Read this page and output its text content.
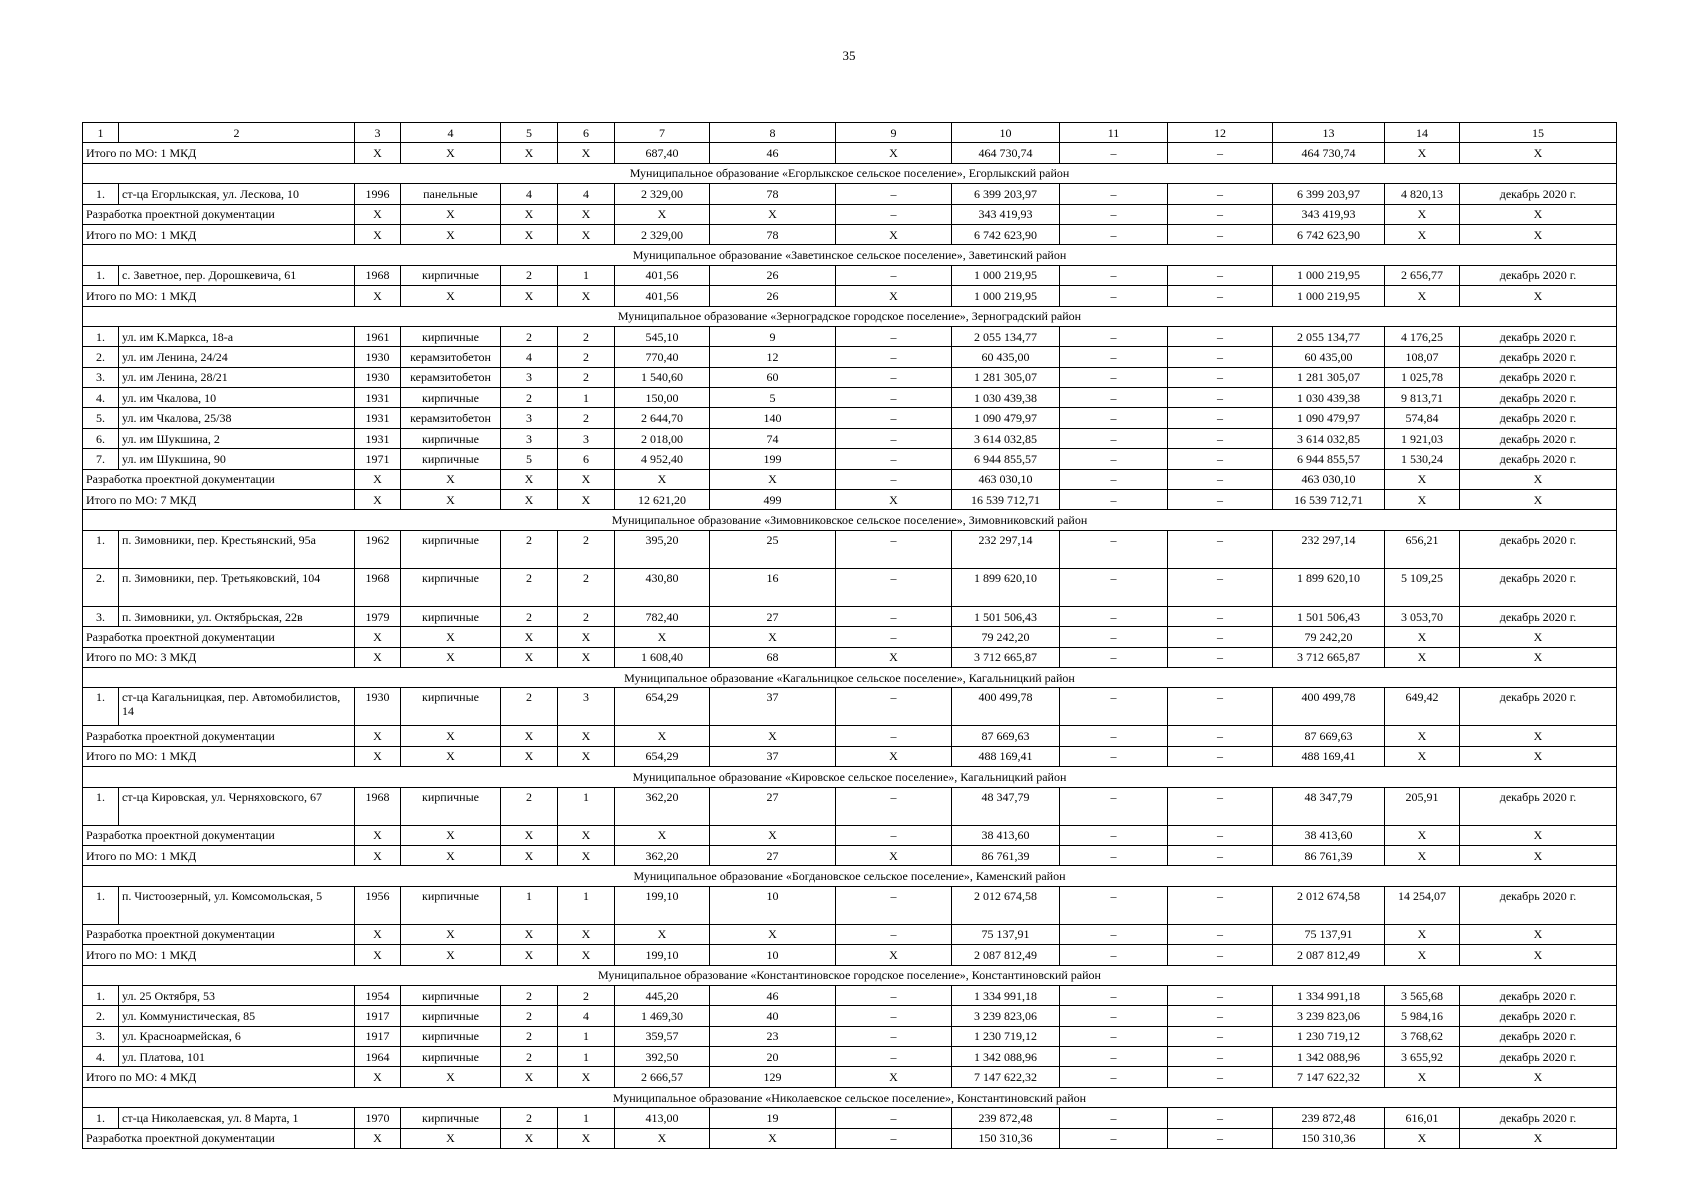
35
1	2	3	4	5	6	7	8	9	10	11	12	13	14	15
Итого по МО: 1 МКД		X	X	X	X	687,40	46	X	464 730,74	–	–	464 730,74	X	X
Муниципальное образование «Егорлыкское сельское поселение», Егорлыкский район														
1.	ст-ца Егорлыкская, ул. Лескова, 10	1996	панельные	4	4	2 329,00	78	–	6 399 203,97	–	–	6 399 203,97	4 820,13	декабрь 2020 г.
Разработка проектной документации		X	X	X	X	X	X	–	343 419,93	–	–	343 419,93	X	X
Итого по МО: 1 МКД		X	X	X	X	2 329,00	78	X	6 742 623,90	–	–	6 742 623,90	X	X
Муниципальное образование «Заветинское сельское поселение», Заветинский район														
1.	с. Заветное, пер. Дорошкевича, 61	1968	кирпичные	2	1	401,56	26	–	1 000 219,95	–	–	1 000 219,95	2 656,77	декабрь 2020 г.
Итого по МО: 1 МКД		X	X	X	X	401,56	26	X	1 000 219,95	–	–	1 000 219,95	X	X
Муниципальное образование «Зерноградское городское поселение», Зерноградский район														
1.	ул. им К.Маркса, 18-а	1961	кирпичные	2	2	545,10	9	–	2 055 134,77	–	–	2 055 134,77	4 176,25	декабрь 2020 г.
2.	ул. им Ленина, 24/24	1930	керамзитобетон	4	2	770,40	12	–	60 435,00	–	–	60 435,00	108,07	декабрь 2020 г.
3.	ул. им Ленина, 28/21	1930	керамзитобетон	3	2	1 540,60	60	–	1 281 305,07	–	–	1 281 305,07	1 025,78	декабрь 2020 г.
4.	ул. им Чкалова, 10	1931	кирпичные	2	1	150,00	5	–	1 030 439,38	–	–	1 030 439,38	9 813,71	декабрь 2020 г.
5.	ул. им Чкалова, 25/38	1931	керамзитобетон	3	2	2 644,70	140	–	1 090 479,97	–	–	1 090 479,97	574,84	декабрь 2020 г.
6.	ул. им Шукшина, 2	1931	кирпичные	3	3	2 018,00	74	–	3 614 032,85	–	–	3 614 032,85	1 921,03	декабрь 2020 г.
7.	ул. им Шукшина, 90	1971	кирпичные	5	6	4 952,40	199	–	6 944 855,57	–	–	6 944 855,57	1 530,24	декабрь 2020 г.
Разработка проектной документации		X	X	X	X	X	X	–	463 030,10	–	–	463 030,10	X	X
Итого по МО: 7 МКД		X	X	X	X	12 621,20	499	X	16 539 712,71	–	–	16 539 712,71	X	X
Муниципальное образование «Зимовниковское сельское поселение», Зимовниковский район														
1.	п. Зимовники, пер. Крестьянский, 95а	1962	кирпичные	2	2	395,20	25	–	232 297,14	–	–	232 297,14	656,21	декабрь 2020 г.
2.	п. Зимовники, пер. Третьяковский, 104	1968	кирпичные	2	2	430,80	16	–	1 899 620,10	–	–	1 899 620,10	5 109,25	декабрь 2020 г.
3.	п. Зимовники, ул. Октябрьская, 22в	1979	кирпичные	2	2	782,40	27	–	1 501 506,43	–	–	1 501 506,43	3 053,70	декабрь 2020 г.
Разработка проектной документации		X	X	X	X	X	X	–	79 242,20	–	–	79 242,20	X	X
Итого по МО: 3 МКД		X	X	X	X	1 608,40	68	X	3 712 665,87	–	–	3 712 665,87	X	X
Муниципальное образование «Кагальницкое сельское поселение», Кагальницкий район														
1.	ст-ца Кагальницкая, пер. Автомобилистов, 14	1930	кирпичные	2	3	654,29	37	–	400 499,78	–	–	400 499,78	649,42	декабрь 2020 г.
Разработка проектной документации		X	X	X	X	X	X	–	87 669,63	–	–	87 669,63	X	X
Итого по МО: 1 МКД		X	X	X	X	654,29	37	X	488 169,41	–	–	488 169,41	X	X
Муниципальное образование «Кировское сельское поселение», Кагальницкий район														
1.	ст-ца Кировская, ул. Черняховского, 67	1968	кирпичные	2	1	362,20	27	–	48 347,79	–	–	48 347,79	205,91	декабрь 2020 г.
Разработка проектной документации		X	X	X	X	X	X	–	38 413,60	–	–	38 413,60	X	X
Итого по МО: 1 МКД		X	X	X	X	362,20	27	X	86 761,39	–	–	86 761,39	X	X
Муниципальное образование «Богдановское сельское поселение», Каменский район														
1.	п. Чистоозерный, ул. Комсомольская, 5	1956	кирпичные	1	1	199,10	10	–	2 012 674,58	–	–	2 012 674,58	14 254,07	декабрь 2020 г.
Разработка проектной документации		X	X	X	X	X	X	–	75 137,91	–	–	75 137,91	X	X
Итого по МО: 1 МКД		X	X	X	X	199,10	10	X	2 087 812,49	–	–	2 087 812,49	X	X
Муниципальное образование «Константиновское городское поселение», Константиновский район														
1.	ул. 25 Октября, 53	1954	кирпичные	2	2	445,20	46	–	1 334 991,18	–	–	1 334 991,18	3 565,68	декабрь 2020 г.
2.	ул. Коммунистическая, 85	1917	кирпичные	2	4	1 469,30	40	–	3 239 823,06	–	–	3 239 823,06	5 984,16	декабрь 2020 г.
3.	ул. Красноармейская, 6	1917	кирпичные	2	1	359,57	23	–	1 230 719,12	–	–	1 230 719,12	3 768,62	декабрь 2020 г.
4.	ул. Платова, 101	1964	кирпичные	2	1	392,50	20	–	1 342 088,96	–	–	1 342 088,96	3 655,92	декабрь 2020 г.
Итого по МО: 4 МКД		X	X	X	X	2 666,57	129	X	7 147 622,32	–	–	7 147 622,32	X	X
Муниципальное образование «Николаевское сельское поселение», Константиновский район														
1.	ст-ца Николаевская, ул. 8 Марта, 1	1970	кирпичные	2	1	413,00	19	–	239 872,48	–	–	239 872,48	616,01	декабрь 2020 г.
Разработка проектной документации		X	X	X	X	X	X	–	150 310,36	–	–	150 310,36	X	X
